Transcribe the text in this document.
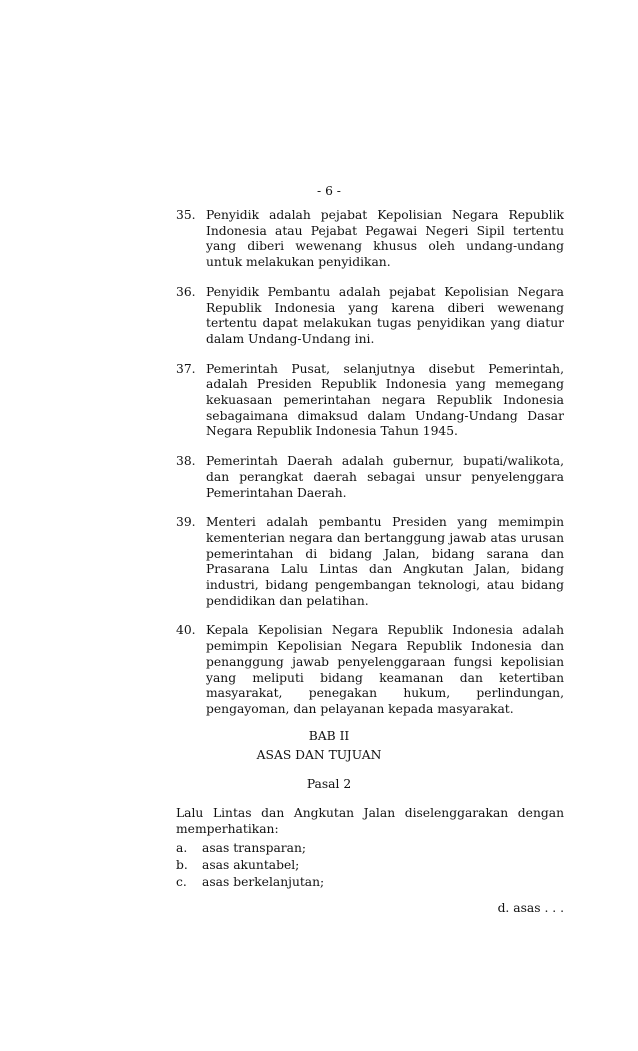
- 6 -
35. Penyidik adalah pejabat Kepolisian Negara Republik Indonesia atau Pejabat Pegawai Negeri Sipil tertentu yang diberi wewenang khusus oleh undang-undang untuk melakukan penyidikan.
36. Penyidik Pembantu adalah pejabat Kepolisian Negara Republik Indonesia yang karena diberi wewenang tertentu dapat melakukan tugas penyidikan yang diatur dalam Undang-Undang ini.
37. Pemerintah Pusat, selanjutnya disebut Pemerintah, adalah Presiden Republik Indonesia yang memegang kekuasaan pemerintahan negara Republik Indonesia sebagaimana dimaksud dalam Undang-Undang Dasar Negara Republik Indonesia Tahun 1945.
38. Pemerintah Daerah adalah gubernur, bupati/walikota, dan perangkat daerah sebagai unsur penyelenggara Pemerintahan Daerah.
39. Menteri adalah pembantu Presiden yang memimpin kementerian negara dan bertanggung jawab atas urusan pemerintahan di bidang Jalan, bidang sarana dan Prasarana Lalu Lintas dan Angkutan Jalan, bidang industri, bidang pengembangan teknologi, atau bidang pendidikan dan pelatihan.
40. Kepala Kepolisian Negara Republik Indonesia adalah pemimpin Kepolisian Negara Republik Indonesia dan penanggung jawab penyelenggaraan fungsi kepolisian yang meliputi bidang keamanan dan ketertiban masyarakat, penegakan hukum, perlindungan, pengayoman, dan pelayanan kepada masyarakat.
BAB II
ASAS DAN TUJUAN
Pasal 2
Lalu Lintas dan Angkutan Jalan diselenggarakan dengan memperhatikan:
a.	asas transparan;
b.	asas akuntabel;
c.	asas berkelanjutan;
d. asas . . .
